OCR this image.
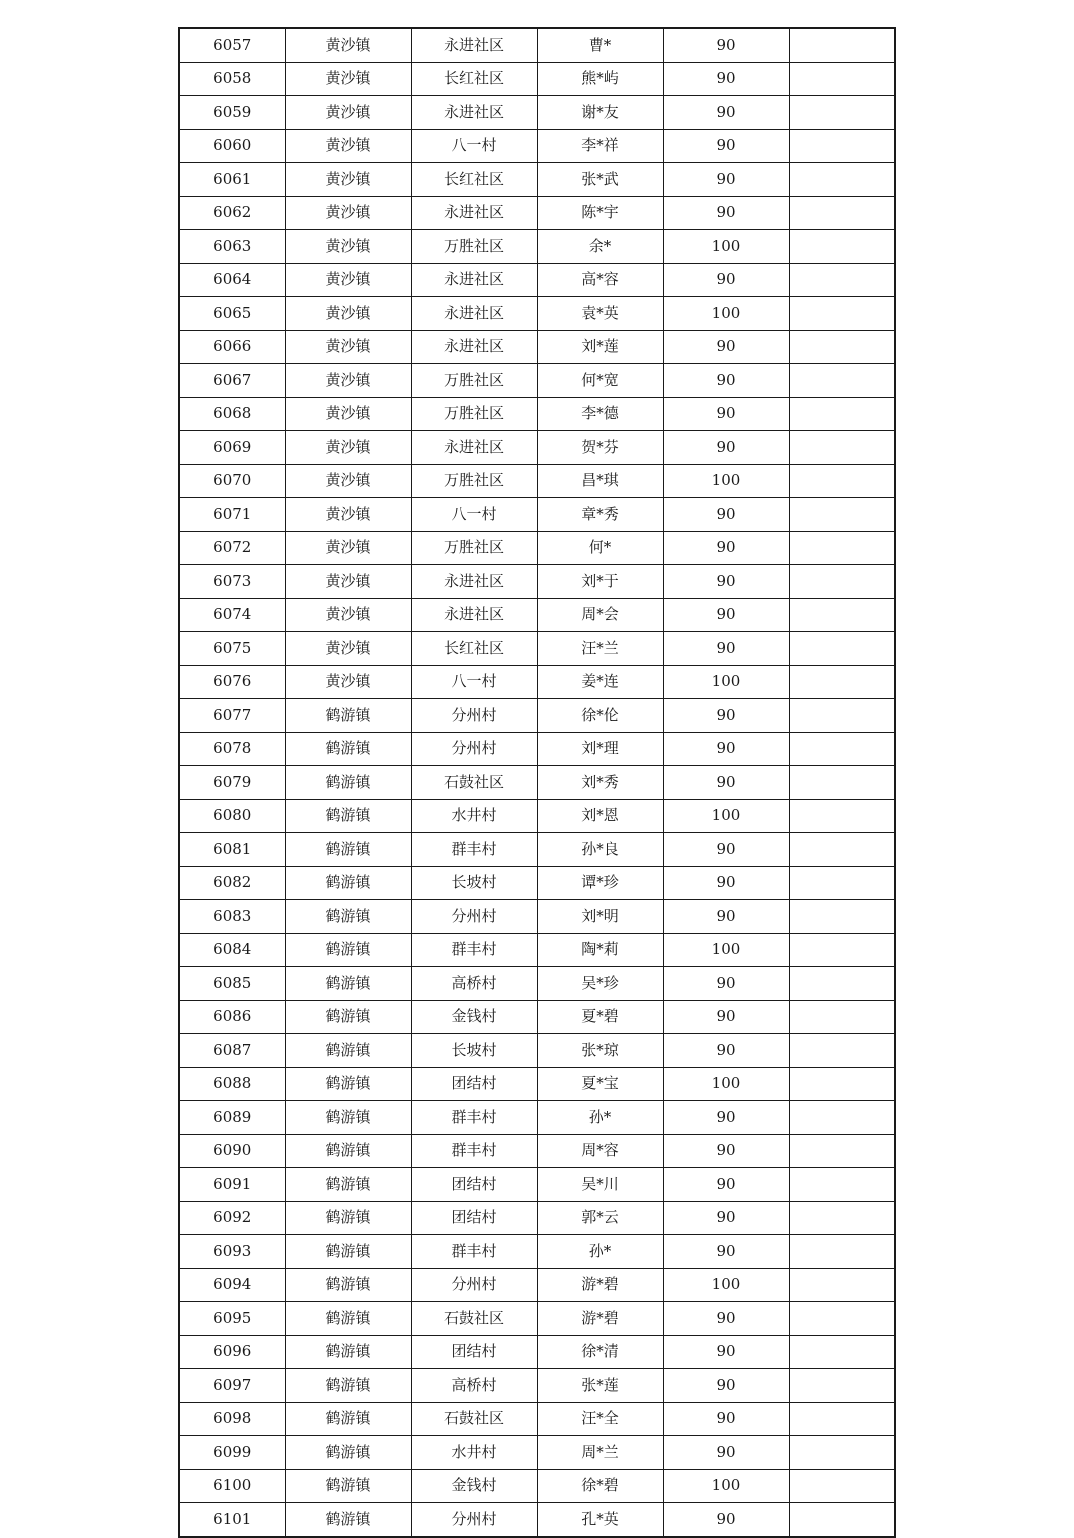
6057	黄沙镇	永进社区	曹*	90	
6058	黄沙镇	长红社区	熊*屿	90	
6059	黄沙镇	永进社区	谢*友	90	
6060	黄沙镇	八一村	李*祥	90	
6061	黄沙镇	长红社区	张*武	90	
6062	黄沙镇	永进社区	陈*宇	90	
6063	黄沙镇	万胜社区	余*	100	
6064	黄沙镇	永进社区	高*容	90	
6065	黄沙镇	永进社区	袁*英	100	
6066	黄沙镇	永进社区	刘*莲	90	
6067	黄沙镇	万胜社区	何*宽	90	
6068	黄沙镇	万胜社区	李*德	90	
6069	黄沙镇	永进社区	贺*芬	90	
6070	黄沙镇	万胜社区	昌*琪	100	
6071	黄沙镇	八一村	章*秀	90	
6072	黄沙镇	万胜社区	何*	90	
6073	黄沙镇	永进社区	刘*于	90	
6074	黄沙镇	永进社区	周*会	90	
6075	黄沙镇	长红社区	汪*兰	90	
6076	黄沙镇	八一村	姜*连	100	
6077	鹤游镇	分州村	徐*伦	90	
6078	鹤游镇	分州村	刘*理	90	
6079	鹤游镇	石鼓社区	刘*秀	90	
6080	鹤游镇	水井村	刘*恩	100	
6081	鹤游镇	群丰村	孙*良	90	
6082	鹤游镇	长坡村	谭*珍	90	
6083	鹤游镇	分州村	刘*明	90	
6084	鹤游镇	群丰村	陶*莉	100	
6085	鹤游镇	高桥村	吴*珍	90	
6086	鹤游镇	金钱村	夏*碧	90	
6087	鹤游镇	长坡村	张*琼	90	
6088	鹤游镇	团结村	夏*宝	100	
6089	鹤游镇	群丰村	孙*	90	
6090	鹤游镇	群丰村	周*容	90	
6091	鹤游镇	团结村	吴*川	90	
6092	鹤游镇	团结村	郭*云	90	
6093	鹤游镇	群丰村	孙*	90	
6094	鹤游镇	分州村	游*碧	100	
6095	鹤游镇	石鼓社区	游*碧	90	
6096	鹤游镇	团结村	徐*清	90	
6097	鹤游镇	高桥村	张*莲	90	
6098	鹤游镇	石鼓社区	汪*全	90	
6099	鹤游镇	水井村	周*兰	90	
6100	鹤游镇	金钱村	徐*碧	100	
6101	鹤游镇	分州村	孔*英	90	
